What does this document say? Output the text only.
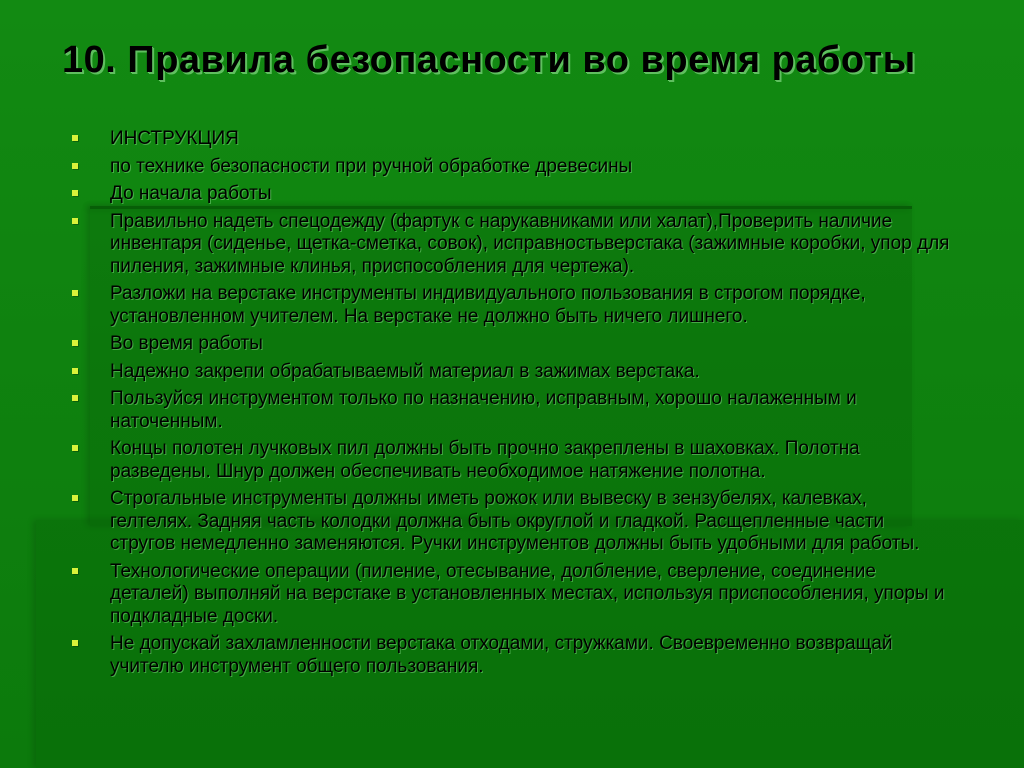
10. Правила безопасности во время работы
ИНСТРУКЦИЯ
по технике безопасности при ручной обработке древесины
До начала работы
Правильно надеть спецодежду (фартук с нарукавниками или халат),Проверить наличие инвентаря (сиденье, щетка-сметка, совок), исправностьверстака (зажимные коробки, упор для пиления, зажимные клинья, приспособления для чертежа).
Разложи на верстаке инструменты индивидуального пользования в строгом порядке, установленном учителем. На верстаке не должно быть ничего лишнего.
Во время работы
Надежно закрепи обрабатываемый материал в зажимах верстака.
Пользуйся инструментом только по назначению, исправным, хорошо налаженным и наточенным.
Концы полотен лучковых пил должны быть прочно закреплены в шаховках. Полотна разведены. Шнур должен обеспечивать необходимое натяжение полотна.
Строгальные инструменты должны иметь рожок или вывеску в зензубелях, калевках, гелтелях. Задняя часть колодки должна быть округлой и гладкой. Расщепленные части стругов немедленно заменяются. Ручки инструментов должны быть удобными для работы.
Технологические операции (пиление, отесывание, долбление, сверление, соединение деталей) выполняй на верстаке в установленных местах, используя приспособления, упоры и подкладные доски.
Не допускай захламленности верстака отходами, стружками. Своевременно возвращай учителю инструмент общего пользования.
